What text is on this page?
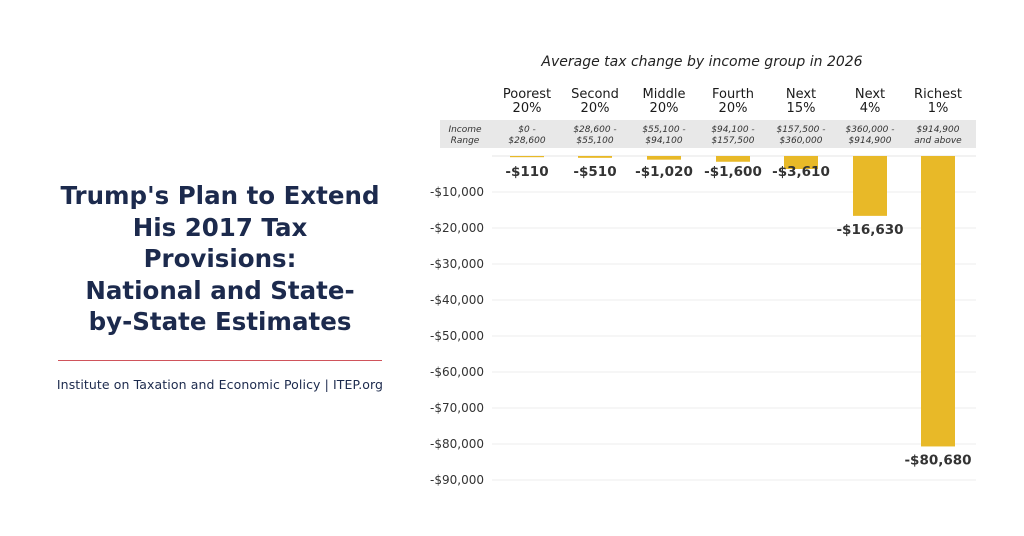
Trump's Plan to Extend
His 2017 Tax Provisions:
National and State-
by-State Estimates
Institute on Taxation and Economic Policy | ITEP.org
Average tax change by income group in 2026
Income
Range
-$10,000
-$20,000
-$30,000
-$40,000
-$50,000
-$60,000
-$70,000
-$80,000
-$90,000
Poorest
20%
$0 -
$28,600
Second
20%
$28,600 -
$55,100
Middle
20%
$55,100 -
$94,100
Fourth
20%
$94,100 -
$157,500
Next
15%
$157,500 -
$360,000
Next
4%
$360,000 -
$914,900
Richest
1%
$914,900
and above
-$110 -$510 -$1,020 -$1,600 -$3,610
-$16,630
-$80,680
